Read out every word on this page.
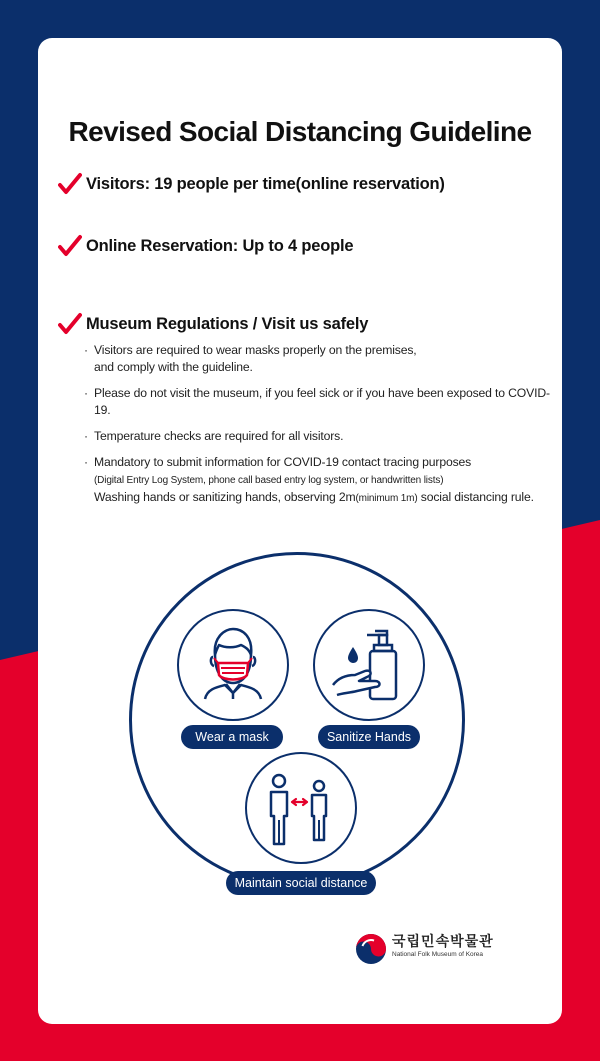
Revised Social Distancing Guideline
Visitors: 19 people per time(online reservation)
Online Reservation: Up to 4 people
Museum Regulations / Visit us safely
· Visitors are required to wear masks properly on the premises,
and comply with the guideline.
· Please do not visit the museum, if you feel sick or if you have been exposed to COVID-19.
· Temperature checks are required for all visitors.
· Mandatory to submit information for COVID-19 contact tracing purposes
(Digital Entry Log System, phone call based entry log system, or handwritten lists)
Washing hands or sanitizing hands, observing 2m(minimum 1m) social distancing rule.
Wear a mask	Sanitize Hands
Maintain social distance
국립민속박물관
National Folk Museum of Korea
